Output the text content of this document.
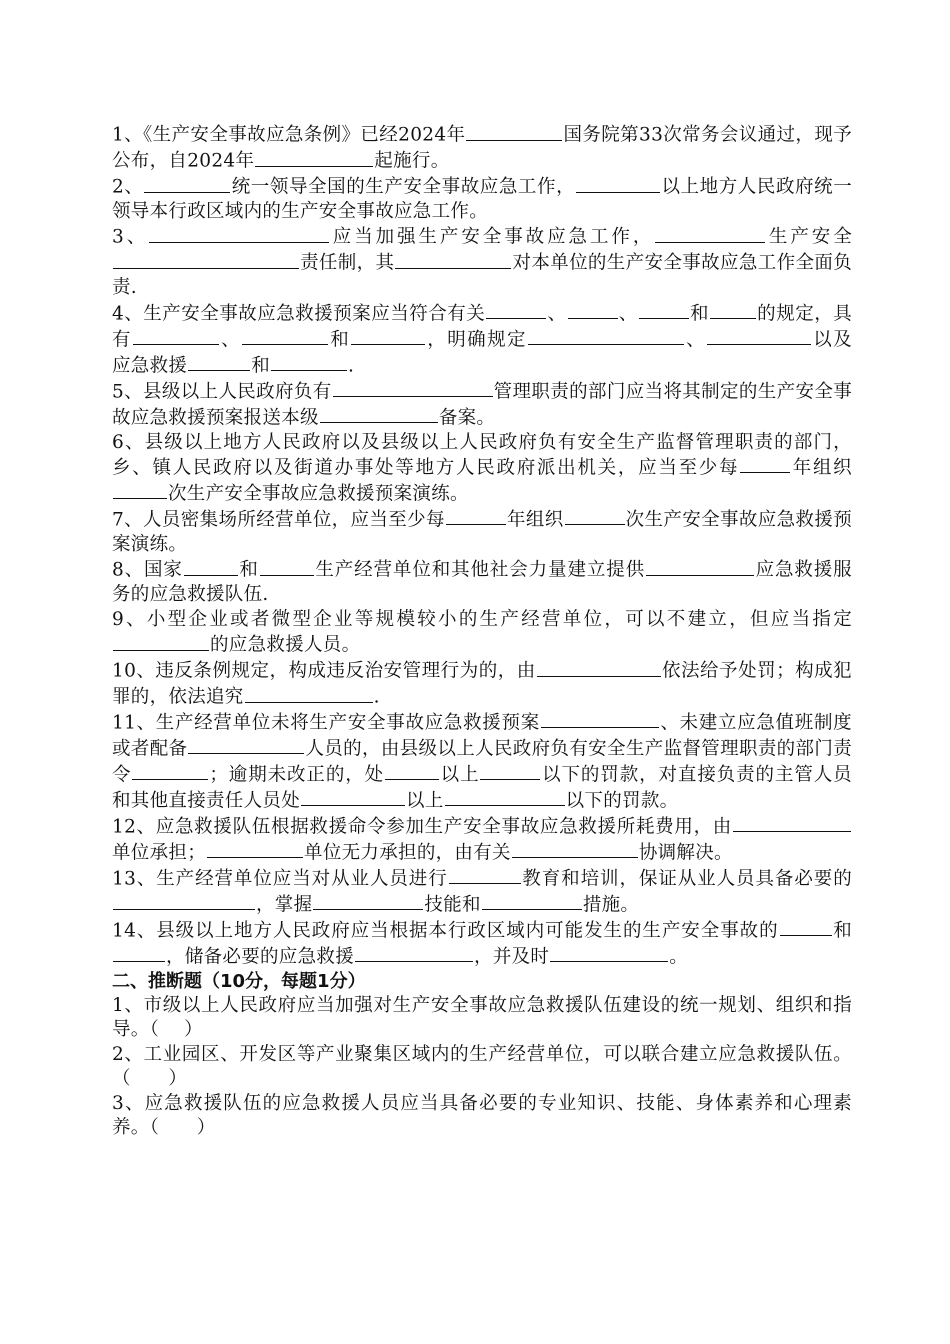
1、《生产安全事故应急条例》已经2024年	国务院第33次常务会议通过，现予公布，自2024年	起施行。

2、	统一领导全国的生产安全事故应急工作，	以上地方人民政府统一领导本行政区域内的生产安全事故应急工作。

3、	应当加强生产安全事故应急工作，	生产安全责任制，其	对本单位的生产安全事故应急工作全面负责.

4、生产安全事故应急救援预案应当符合有关	、	、	和	的规定，具有	、	和	，明确规定	、	以及应急救援	和	.

5、县级以上人民政府负有	管理职责的部门应当将其制定的生产安全事故应急救援预案报送本级	备案。

6、县级以上地方人民政府以及县级以上人民政府负有安全生产监督管理职责的部门，乡、镇人民政府以及街道办事处等地方人民政府派出机关，应当至少每	年组织次生产安全事故应急救援预案演练。

7、人员密集场所经营单位，应当至少每	年组织	次生产安全事故应急救援预案演练。

8、国家	和	生产经营单位和其他社会力量建立提供	应急救援服务的应急救援队伍.

9、小型企业或者微型企业等规模较小的生产经营单位，可以不建立，但应当指定的应急救援人员。

10、违反条例规定，构成违反治安管理行为的，由	依法给予处罚；构成犯罪的，依法追究	.

11、生产经营单位未将生产安全事故应急救援预案	、未建立应急值班制度或者配备	人员的，由县级以上人民政府负有安全生产监督管理职责的部门责令	；逾期未改正的，处	以上	以下的罚款，对直接负责的主管人员和其他直接责任人员处	以上	以下的罚款。

12、应急救援队伍根据救援命令参加生产安全事故应急救援所耗费用，由单位承担；	单位无力承担的，由有关	协调解决。

13、生产经营单位应当对从业人员进行	教育和培训，保证从业人员具备必要的，掌握	技能和	措施。

14、县级以上地方人民政府应当根据本行政区域内可能发生的生产安全事故的	和，储备必要的应急救援	，并及时	。

二、推断题（10分，每题1分）

1、市级以上人民政府应当加强对生产安全事故应急救援队伍建设的统一规划、组织和指导。（　 ）

2、工业园区、开发区等产业聚集区域内的生产经营单位，可以联合建立应急救援队伍。（　　）

3、应急救援队伍的应急救援人员应当具备必要的专业知识、技能、身体素养和心理素养。（　　）
